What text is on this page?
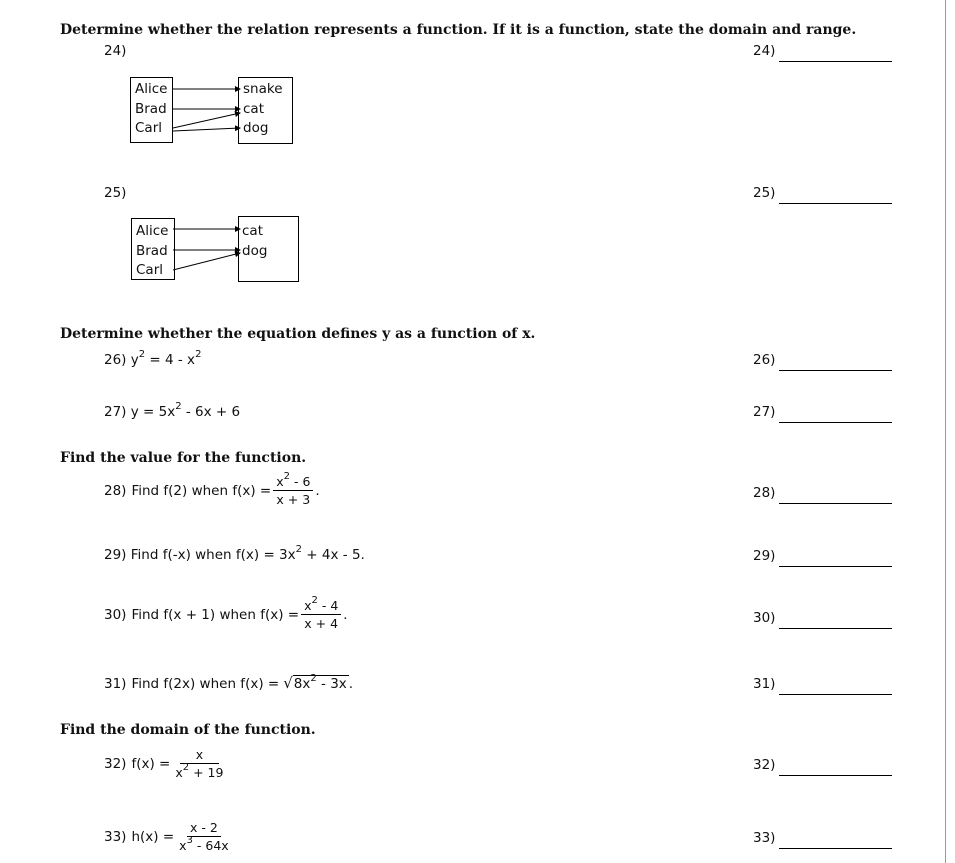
Determine whether the relation represents a function. If it is a function, state the domain and range.
24)
Alice
Brad
Carl
snake
cat
dog
25)
Alice
Brad
Carl
cat
dog
Determine whether the equation defines y as a function of x.
26) $y^2 = 4 - x^2$
27) $y = 5x^2 - 6x + 6$
Find the value for the function.
28) Find f(2) when $f(x) = \frac{x^2 - 6}{x + 3}$ .
29) Find f(-x) when $f(x) = 3x^2 + 4x - 5$.
30) Find f(x + 1) when $f(x) = \frac{x^2 - 4}{x + 4}$ .
31) Find f(2x) when f(x) = √ $8x^2 - 3x$ .
Find the domain of the function.
32) $f(x) = \frac{x}{x^2 + 19}$
33) $h(x) = \frac{x - 2}{x^3 - 64x}$
24)
25)
26)
27)
28)
29)
30)
31)
32)
33)
